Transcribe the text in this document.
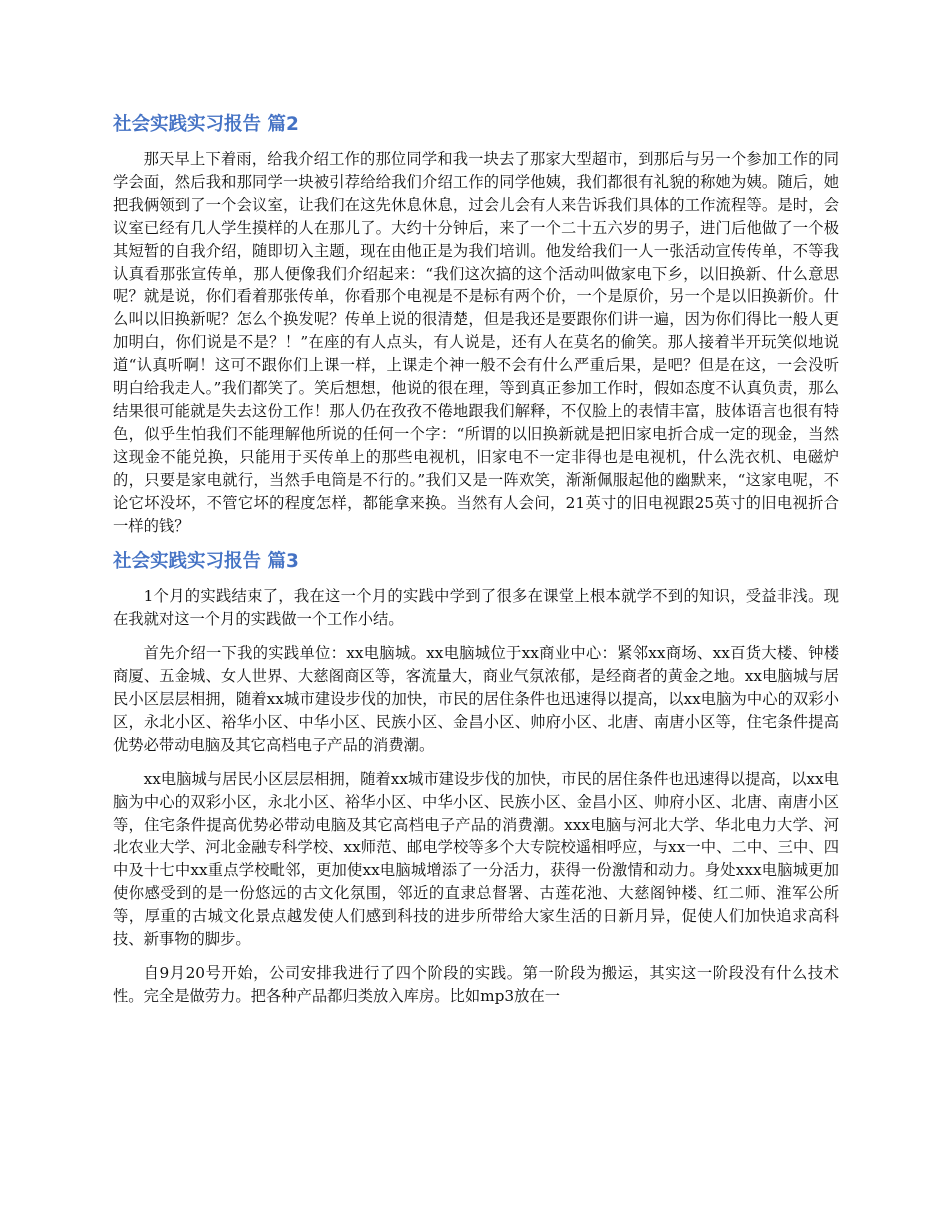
社会实践实习报告 篇2

那天早上下着雨，给我介绍工作的那位同学和我一块去了那家大型超市，到那后与另一个参加工作的同学会面，然后我和那同学一块被引荐给给我们介绍工作的同学他姨，我们都很有礼貌的称她为姨。随后，她把我俩领到了一个会议室，让我们在这先休息休息，过会儿会有人来告诉我们具体的工作流程等。是时，会议室已经有几人学生摸样的人在那儿了。大约十分钟后，来了一个二十五六岁的男子，进门后他做了一个极其短暂的自我介绍，随即切入主题，现在由他正是为我们培训。他发给我们一人一张活动宣传传单，不等我认真看那张宣传单，那人便像我们介绍起来：“我们这次搞的这个活动叫做家电下乡，以旧换新、什么意思呢？就是说，你们看着那张传单，你看那个电视是不是标有两个价，一个是原价，另一个是以旧换新价。什么叫以旧换新呢？怎么个换发呢？传单上说的很清楚，但是我还是要跟你们讲一遍，因为你们得比一般人更加明白，你们说是不是？！”在座的有人点头，有人说是，还有人在莫名的偷笑。那人接着半开玩笑似地说道“认真听啊！这可不跟你们上课一样，上课走个神一般不会有什么严重后果，是吧？但是在这，一会没听明白给我走人。”我们都笑了。笑后想想，他说的很在理，等到真正参加工作时，假如态度不认真负责，那么结果很可能就是失去这份工作！那人仍在孜孜不倦地跟我们解释，不仅脸上的表情丰富，肢体语言也很有特色，似乎生怕我们不能理解他所说的任何一个字：“所谓的以旧换新就是把旧家电折合成一定的现金，当然这现金不能兑换，只能用于买传单上的那些电视机，旧家电不一定非得也是电视机，什么洗衣机、电磁炉的，只要是家电就行，当然手电筒是不行的。”我们又是一阵欢笑，渐渐佩服起他的幽默来，“这家电呢，不论它坏没坏，不管它坏的程度怎样，都能拿来换。当然有人会问，21英寸的旧电视跟25英寸的旧电视折合一样的钱？

社会实践实习报告 篇3

1个月的实践结束了，我在这一个月的实践中学到了很多在课堂上根本就学不到的知识，受益非浅。现在我就对这一个月的实践做一个工作小结。

首先介绍一下我的实践单位：xx电脑城。xx电脑城位于xx商业中心：紧邻xx商场、xx百货大楼、钟楼商厦、五金城、女人世界、大慈阁商区等，客流量大，商业气氛浓郁，是经商者的黄金之地。xx电脑城与居民小区层层相拥，随着xx城市建设步伐的加快，市民的居住条件也迅速得以提高，以xx电脑为中心的双彩小区，永北小区、裕华小区、中华小区、民族小区、金昌小区、帅府小区、北唐、南唐小区等，住宅条件提高优势必带动电脑及其它高档电子产品的消费潮。

xx电脑城与居民小区层层相拥，随着xx城市建设步伐的加快，市民的居住条件也迅速得以提高，以xx电脑为中心的双彩小区，永北小区、裕华小区、中华小区、民族小区、金昌小区、帅府小区、北唐、南唐小区等，住宅条件提高优势必带动电脑及其它高档电子产品的消费潮。xxx电脑与河北大学、华北电力大学、河北农业大学、河北金融专科学校、xx师范、邮电学校等多个大专院校遥相呼应，与xx一中、二中、三中、四中及十七中xx重点学校毗邻，更加使xx电脑城增添了一分活力，获得一份激情和动力。身处xxx电脑城更加使你感受到的是一份悠远的古文化氛围，邻近的直隶总督署、古莲花池、大慈阁钟楼、红二师、淮军公所等，厚重的古城文化景点越发使人们感到科技的进步所带给大家生活的日新月异，促使人们加快追求高科技、新事物的脚步。

自9月20号开始，公司安排我进行了四个阶段的实践。第一阶段为搬运，其实这一阶段没有什么技术性。完全是做劳力。把各种产品都归类放入库房。比如mp3放在一
